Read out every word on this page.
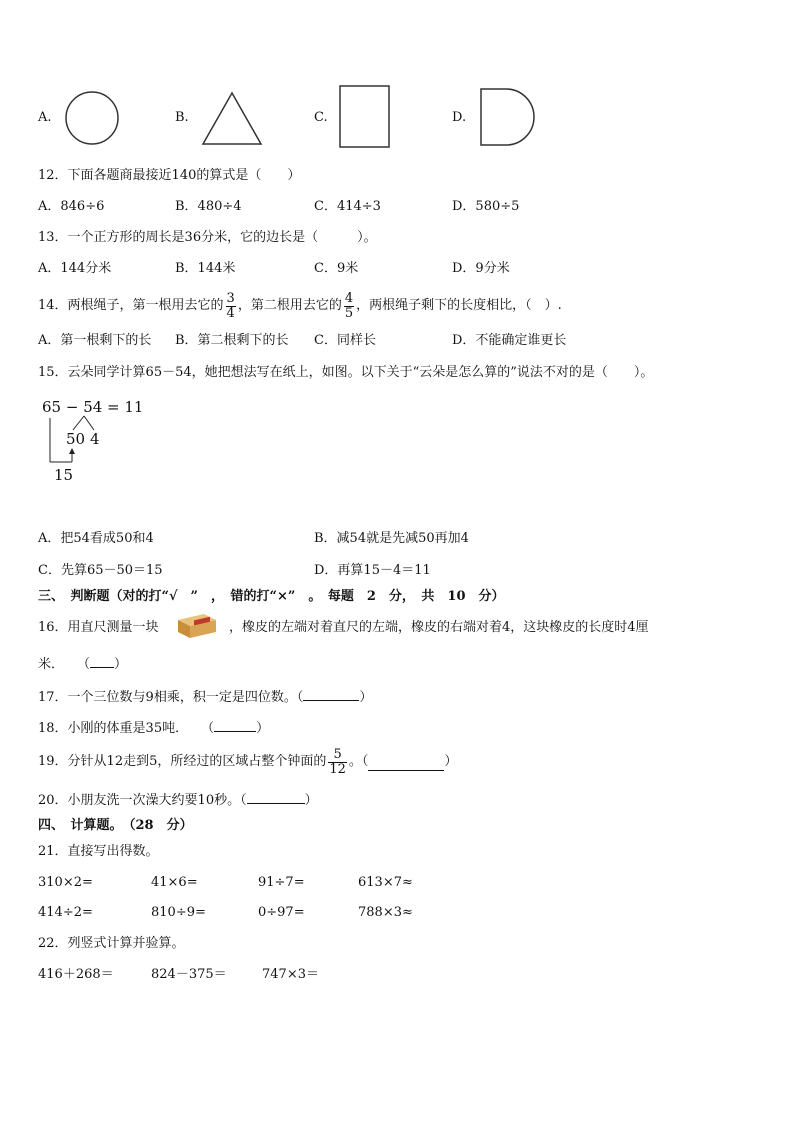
A.	B.	C.	D.
12．下面各题商最接近140的算式是（　　）
A．846÷6	B．480÷4	C．414÷3	D．580÷5
13．一个正方形的周长是36分米，它的边长是（　　　）。
A．144分米	B．144米	C．9米	D．9分米
14．两根绳子，第一根用去它的 $\frac{3}{4}$ ，第二根用去它的 $\frac{4}{5}$ ，两根绳子剩下的长度相比，（　）.
A．第一根剩下的长 B．第二根剩下的长 C．同样长	D．不能确定谁更长
15．云朵同学计算65－54，她把想法写在纸上，如图。以下关于“云朵是怎么算的”说法不对的是（　　）。
65 − 54 = 11
50 4
15
A．把54看成50和4	B．减54就是先减50再加4
C．先算65－50＝15	D．再算15－4＝11
三、　判断题（对的打“√　”　，　错的打“×”　。　每题　2　分，　共　10　分）
16．用直尺测量一块	，橡皮的左端对着直尺的左端，橡皮的右端对着4，这块橡皮的长度时4厘
米．　　（ ）
17．一个三位数与9相乘，积一定是四位数。（	）
18．小刚的体重是35吨．　　（	）
19．分针从12走到5，所经过的区域占整个钟面的 $\frac{5}{12}$ 。（	）
20．小朋友洗一次澡大约要10秒。（	）
四、　计算题。　（28　分）
21．直接写出得数。
310×2=	41×6=	91÷7=	613×7≈
414÷2=	810÷9=	0÷97=	788×3≈
22．列竖式计算并验算。
416＋268＝	824－375＝	747×3＝
